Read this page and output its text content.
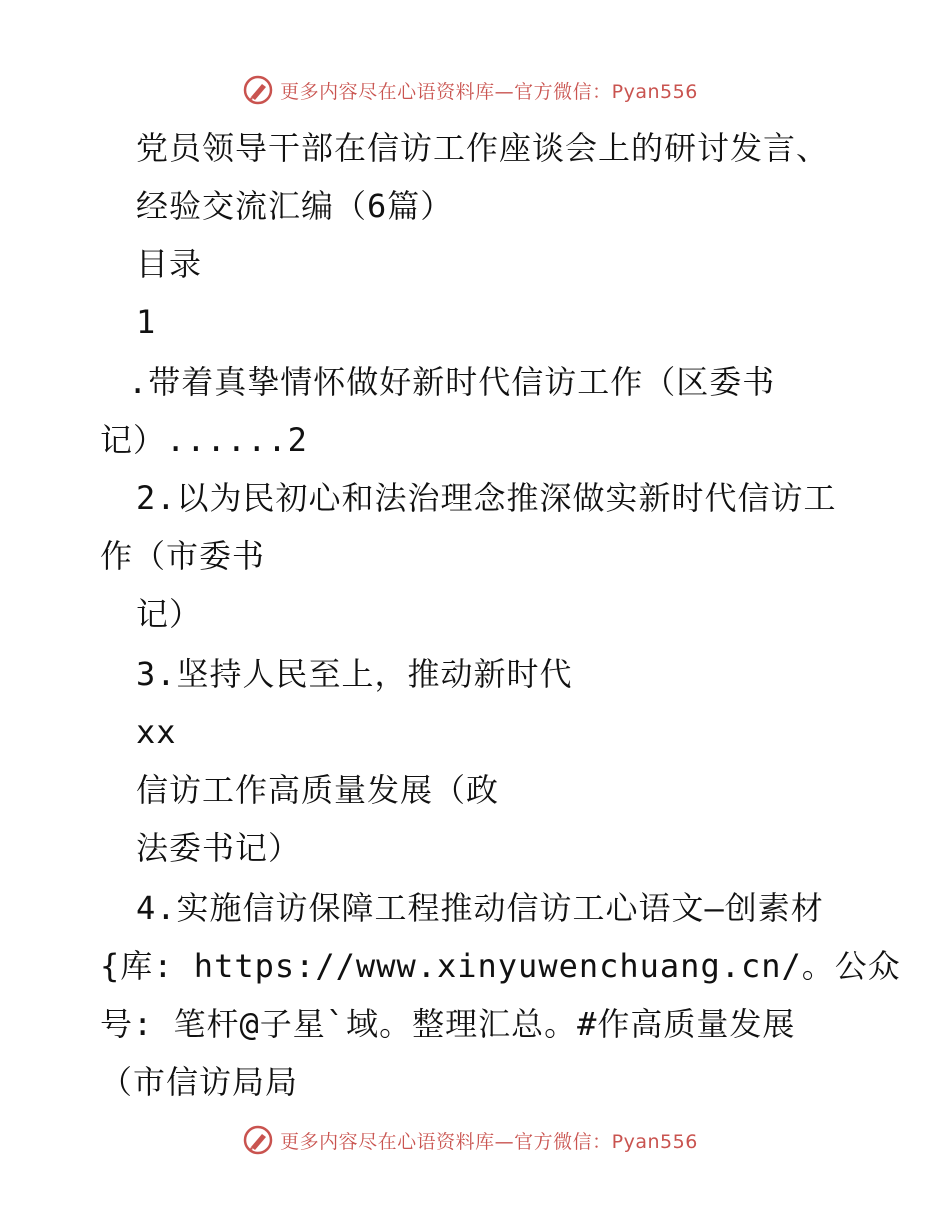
更多内容尽在心语资料库—官方微信：Pyan556
党员领导干部在信访工作座谈会上的研讨发言、
经验交流汇编（6篇）
目录
1
.带着真挚情怀做好新时代信访工作（区委书
记）......2
2.以为民初心和法治理念推深做实新时代信访工
作（市委书
记）
3.坚持人民至上，推动新时代
xx
信访工作高质量发展（政
法委书记）
4.实施信访保障工程推动信访工心语文—创素材
{库: https://www.xinyuwenchuang.cn/。公众
号: 笔杆@子星`域。整理汇总。#作高质量发展
（市信访局局
更多内容尽在心语资料库—官方微信：Pyan556
